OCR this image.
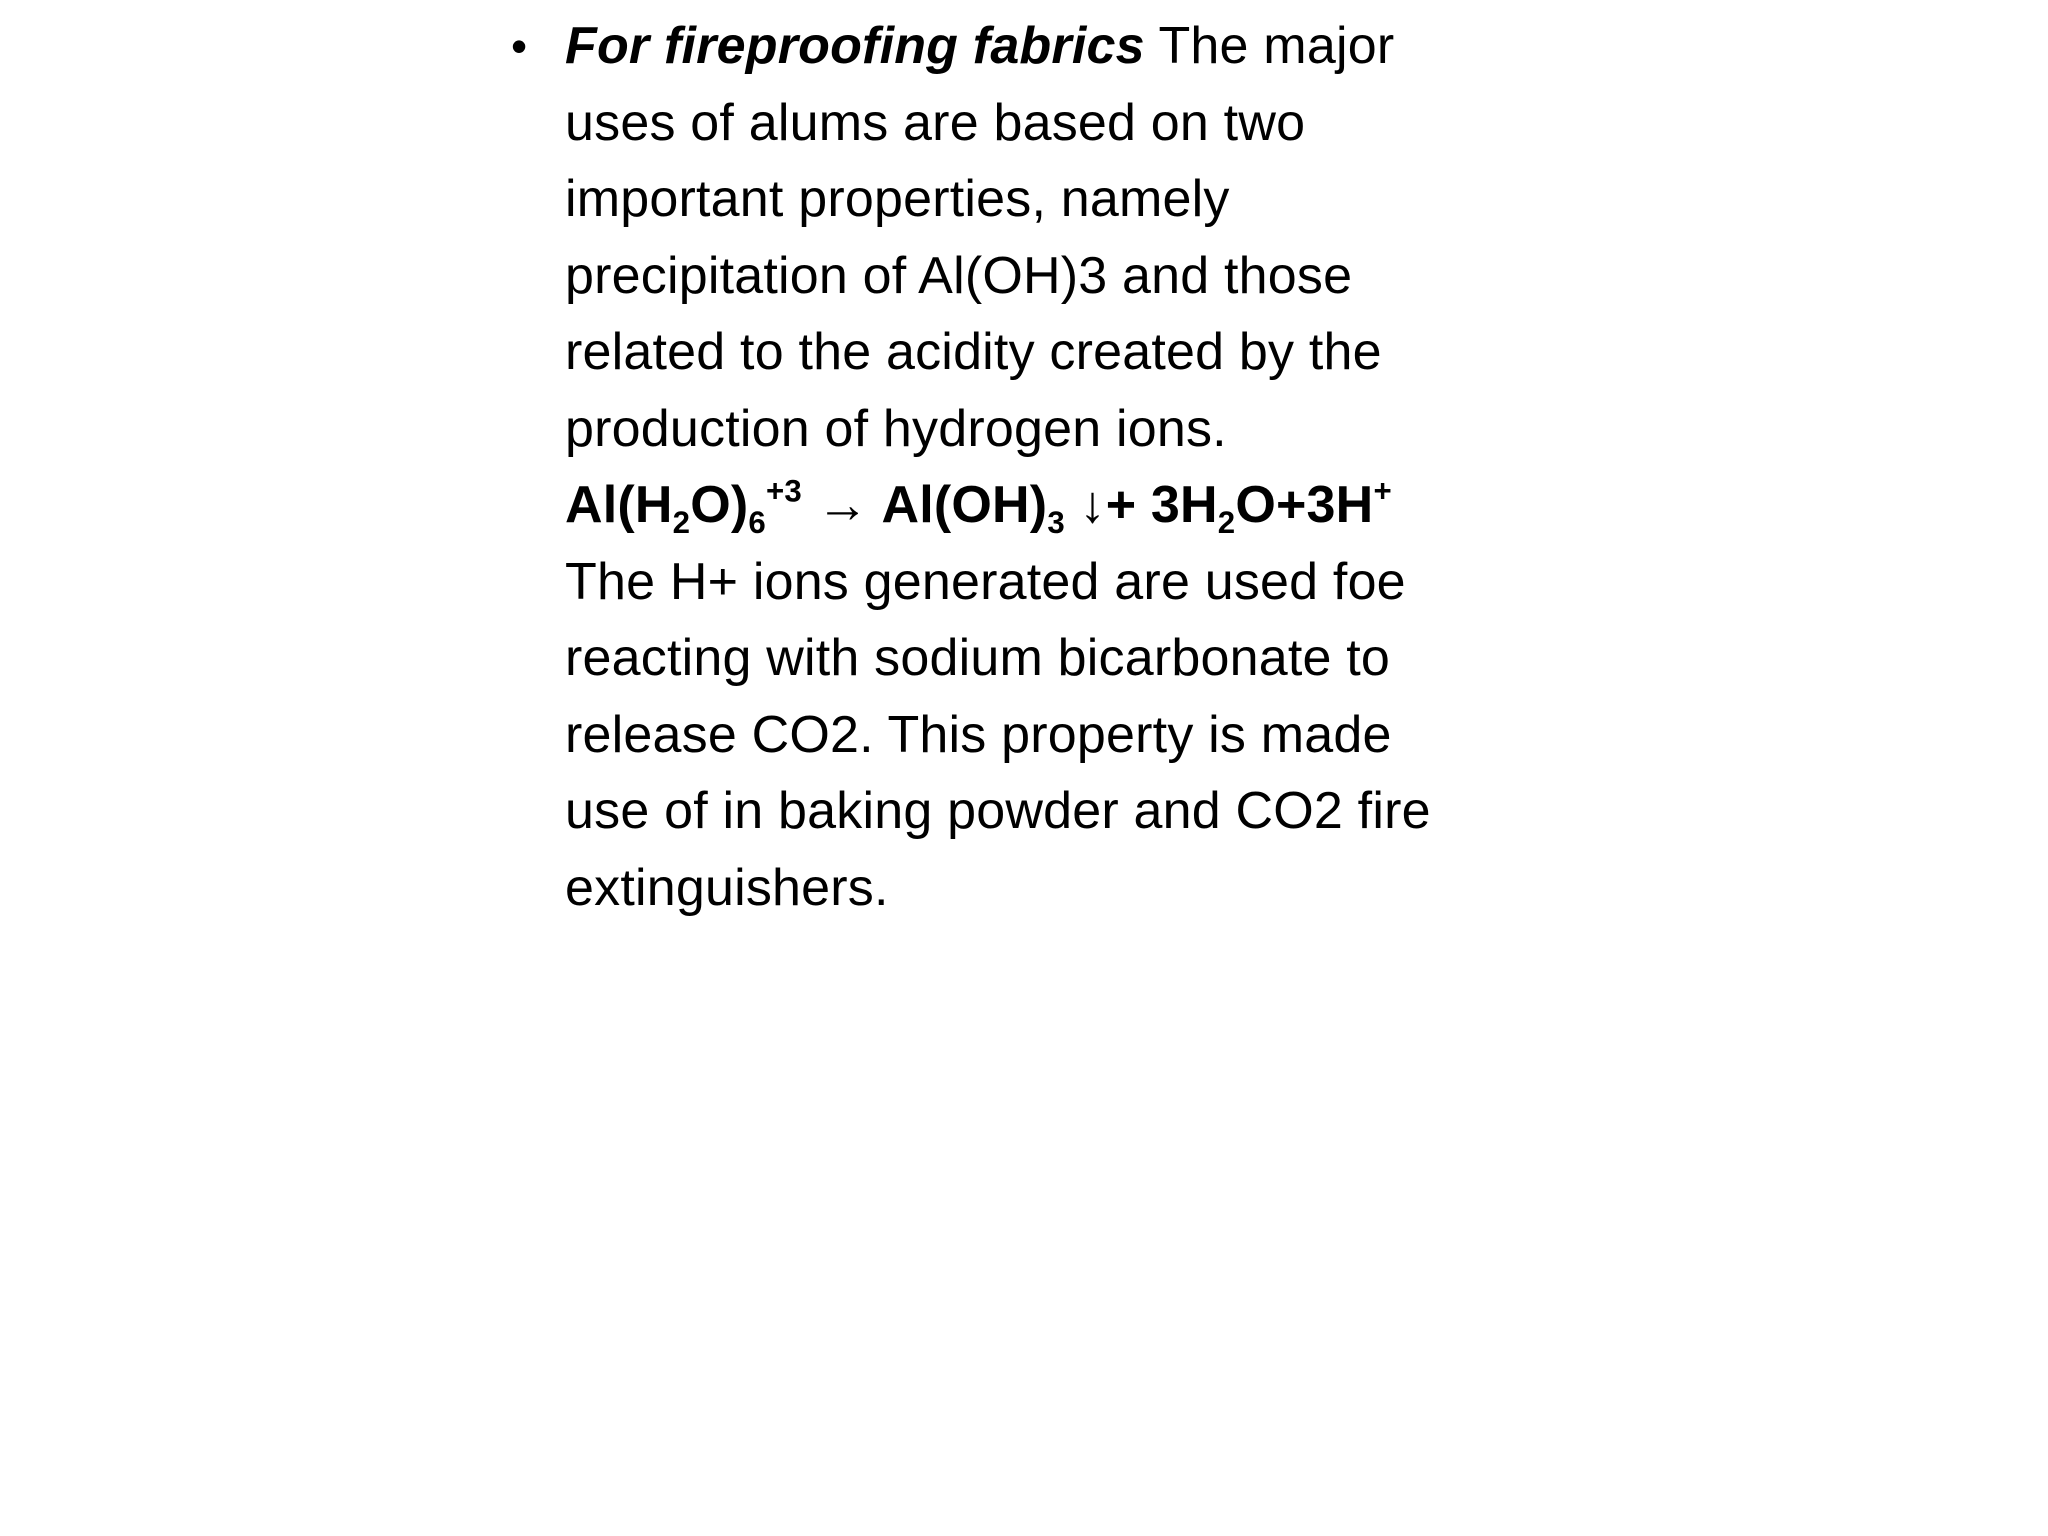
• For fireproofing fabrics The major
uses of alums are based on two
important properties, namely
precipitation of Al(OH)3 and those
related to the acidity created by the
production of hydrogen ions.
$Al(H_2O)_6^{+3} \to Al(OH)_3$ ↓+ $3H_2O+3H^+$
The H+ ions generated are used foe
reacting with sodium bicarbonate to
release CO2. This property is made
use of in baking powder and CO2 fire
extinguishers.
